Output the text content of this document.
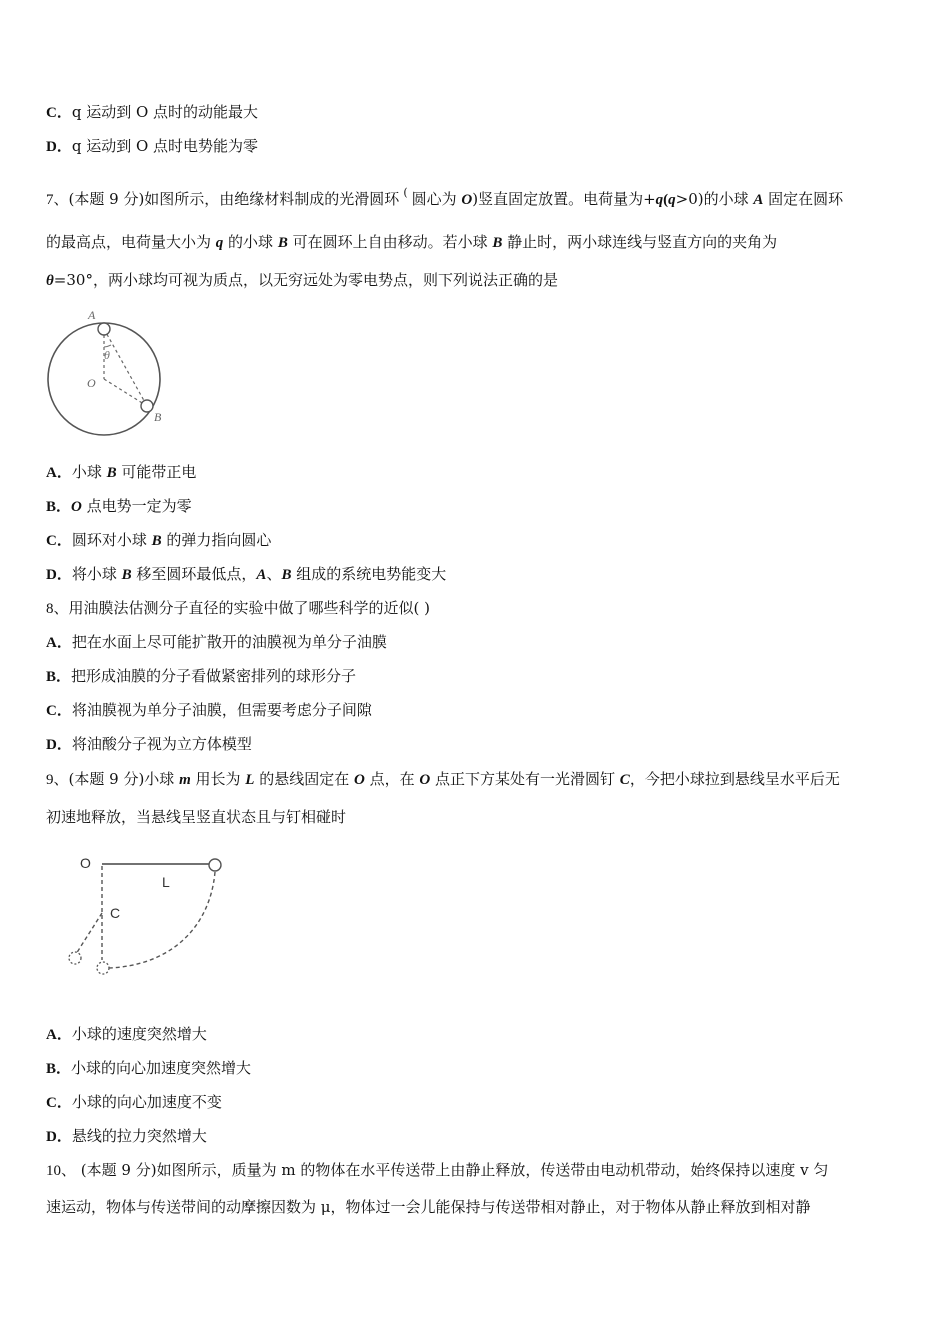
C．q 运动到 O 点时的动能最大
D．q 运动到 O 点时电势能为零
7、(本题 9 分)如图所示，由绝缘材料制成的光滑圆环 ( 圆心为 O)竖直固定放置。电荷量为+q(q>0)的小球 A 固定在圆环
的最高点，电荷量大小为 q 的小球 B 可在圆环上自由移动。若小球 B 静止时，两小球连线与竖直方向的夹角为
θ=30°，两小球均可视为质点，以无穷远处为零电势点，则下列说法正确的是
A
B
O
θ
A．小球 B 可能带正电
B．O 点电势一定为零
C．圆环对小球 B 的弹力指向圆心
D．将小球 B 移至圆环最低点，A、B 组成的系统电势能变大
8、用油膜法估测分子直径的实验中做了哪些科学的近似( )
A．把在水面上尽可能扩散开的油膜视为单分子油膜
B．把形成油膜的分子看做紧密排列的球形分子
C．将油膜视为单分子油膜，但需要考虑分子间隙
D．将油酸分子视为立方体模型
9、(本题 9 分)小球 m 用长为 L 的悬线固定在 O 点，在 O 点正下方某处有一光滑圆钉 C，今把小球拉到悬线呈水平后无
初速地释放，当悬线呈竖直状态且与钉相碰时
O
L
C
A．小球的速度突然增大
B．小球的向心加速度突然增大
C．小球的向心加速度不变
D．悬线的拉力突然增大
10、 (本题 9 分)如图所示，质量为 m 的物体在水平传送带上由静止释放，传送带由电动机带动，始终保持以速度 v 匀
速运动，物体与传送带间的动摩擦因数为 μ，物体过一会儿能保持与传送带相对静止，对于物体从静止释放到相对静
